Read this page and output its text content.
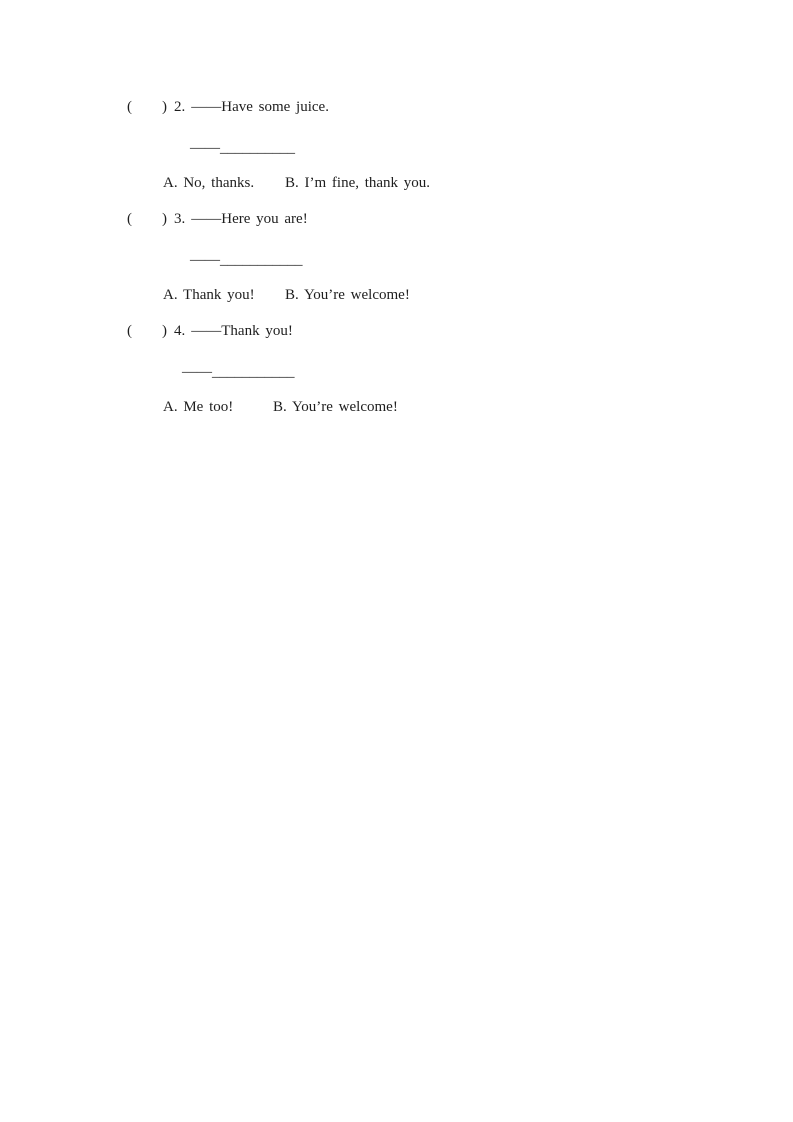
( ) 2. ——Have some juice.
——__________
A. No, thanks. B. I’m fine, thank you.
( ) 3. ——Here you are!
——___________
A. Thank you! B. You’re welcome!
( ) 4. ——Thank you!
——___________
A. Me too!	B. You’re welcome!
